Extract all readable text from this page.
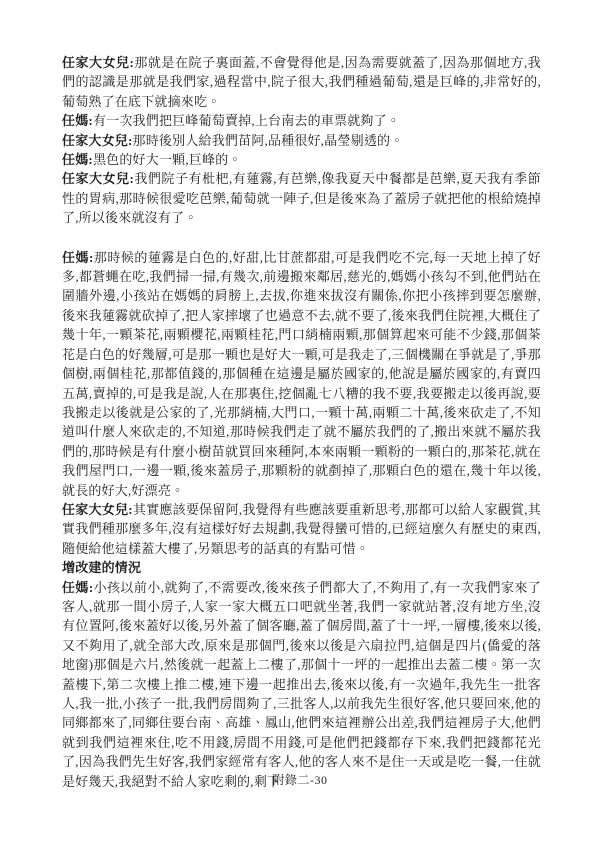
任家大女兒:那就是在院子裏面蓋,不會覺得他是,因為需要就蓋了,因為那個地方,我們的認識是那就是我們家,過程當中,院子很大,我們種過葡萄,還是巨峰的,非常好的,葡萄熟了在底下就摘來吃。

任媽:有一次我們把巨峰葡萄賣掉,上台南去的車票就夠了。

任家大女兒:那時後別人給我們苗阿,品種很好,晶瑩剔透的。

任媽:黑色的好大一顆,巨峰的。

任家大女兒:我們院子有枇杷,有蓮霧,有芭樂,像我夏天中餐都是芭樂,夏天我有季節性的胃病,那時候很愛吃芭樂,葡萄就一陣子,但是後來為了蓋房子就把他的根給燒掉了,所以後來就沒有了。

任媽:那時候的蓮霧是白色的,好甜,比甘蔗都甜,可是我們吃不完,每一天地上掉了好多,都蒼蠅在吃,我們掃一掃,有幾次,前邊搬來鄰居,慈光的,媽媽小孩勾不到,他們站在圍牆外邊,小孩站在媽媽的肩膀上,去拔,你進來拔沒有關係,你把小孩摔到要怎麼辦,後來我蓮霧就砍掉了,把人家摔壞了也過意不去,就不要了,後來我們住院裡,大概住了幾十年,一顆茶花,兩顆櫻花,兩顆桂花,門口綃楠兩顆,那個算起來可能不少錢,那個茶花是白色的好幾層,可是那一顆也是好大一顆,可是我走了,三個機關在爭就是了,爭那個樹,兩個桂花,那都值錢的,那個種在這邊是屬於國家的,他說是屬於國家的,有賣四五萬,賣掉的,可是我是說,人在那裏住,挖個亂七八糟的我不要,我要搬走以後再說,要我搬走以後就是公家的了,光那綃楠,大門口,一顆十萬,兩顆二十萬,後來砍走了,不知道叫什麼人來砍走的,不知道,那時候我們走了就不屬於我們的了,搬出來就不屬於我們的,那時候是有什麼小樹苗就買回來種阿,本來兩顆一顆粉的一顆白的,那茶花,就在我們屋門口,一邊一顆,後來蓋房子,那顆粉的就剷掉了,那顆白色的還在,幾十年以後,就長的好大,好漂亮。

任家大女兒:其實應該要保留阿,我覺得有些應該要重新思考,那都可以給人家觀賞,其實我們種那麼多年,沒有這樣好好去規劃,我覺得蠻可惜的,已經這麼久有歷史的東西,隨便給他這樣蓋大樓了,另類思考的話真的有點可惜。

增改建的情況

任媽:小孩以前小,就夠了,不需要改,後來孩子們都大了,不夠用了,有一次我們家來了客人,就那一間小房子,人家一家大概五口吧就坐著,我們一家就站著,沒有地方坐,沒有位置阿,後來蓋好以後,另外蓋了個客廳,蓋了個房間,蓋了十一坪,一層樓,後來以後,又不夠用了,就全部大改,原來是那個門,後來以後是六扇拉門,這個是四片(僑愛的落地窗)那個是六片,然後就一起蓋上二樓了,那個十一坪的一起推出去蓋二樓。第一次蓋樓下,第二次樓上推二樓,連下邊一起推出去,後來以後,有一次過年,我先生一批客人,我一批,小孩子一批,我們房間夠了,三批客人,以前我先生很好客,他只要回來,他的同鄉都來了,同鄉住要台南、高雄、鳳山,他們來這裡辦公出差,我們這裡房子大,他們就到我們這裡來住,吃不用錢,房間不用錢,可是他們把錢都存下來,我們把錢都花光了,因為我們先生好客,我們家經常有客人,他的客人來不是住一天或是吃一餐,一住就是好幾天,我絕對不給人家吃剩的,剩下

附錄二-30
